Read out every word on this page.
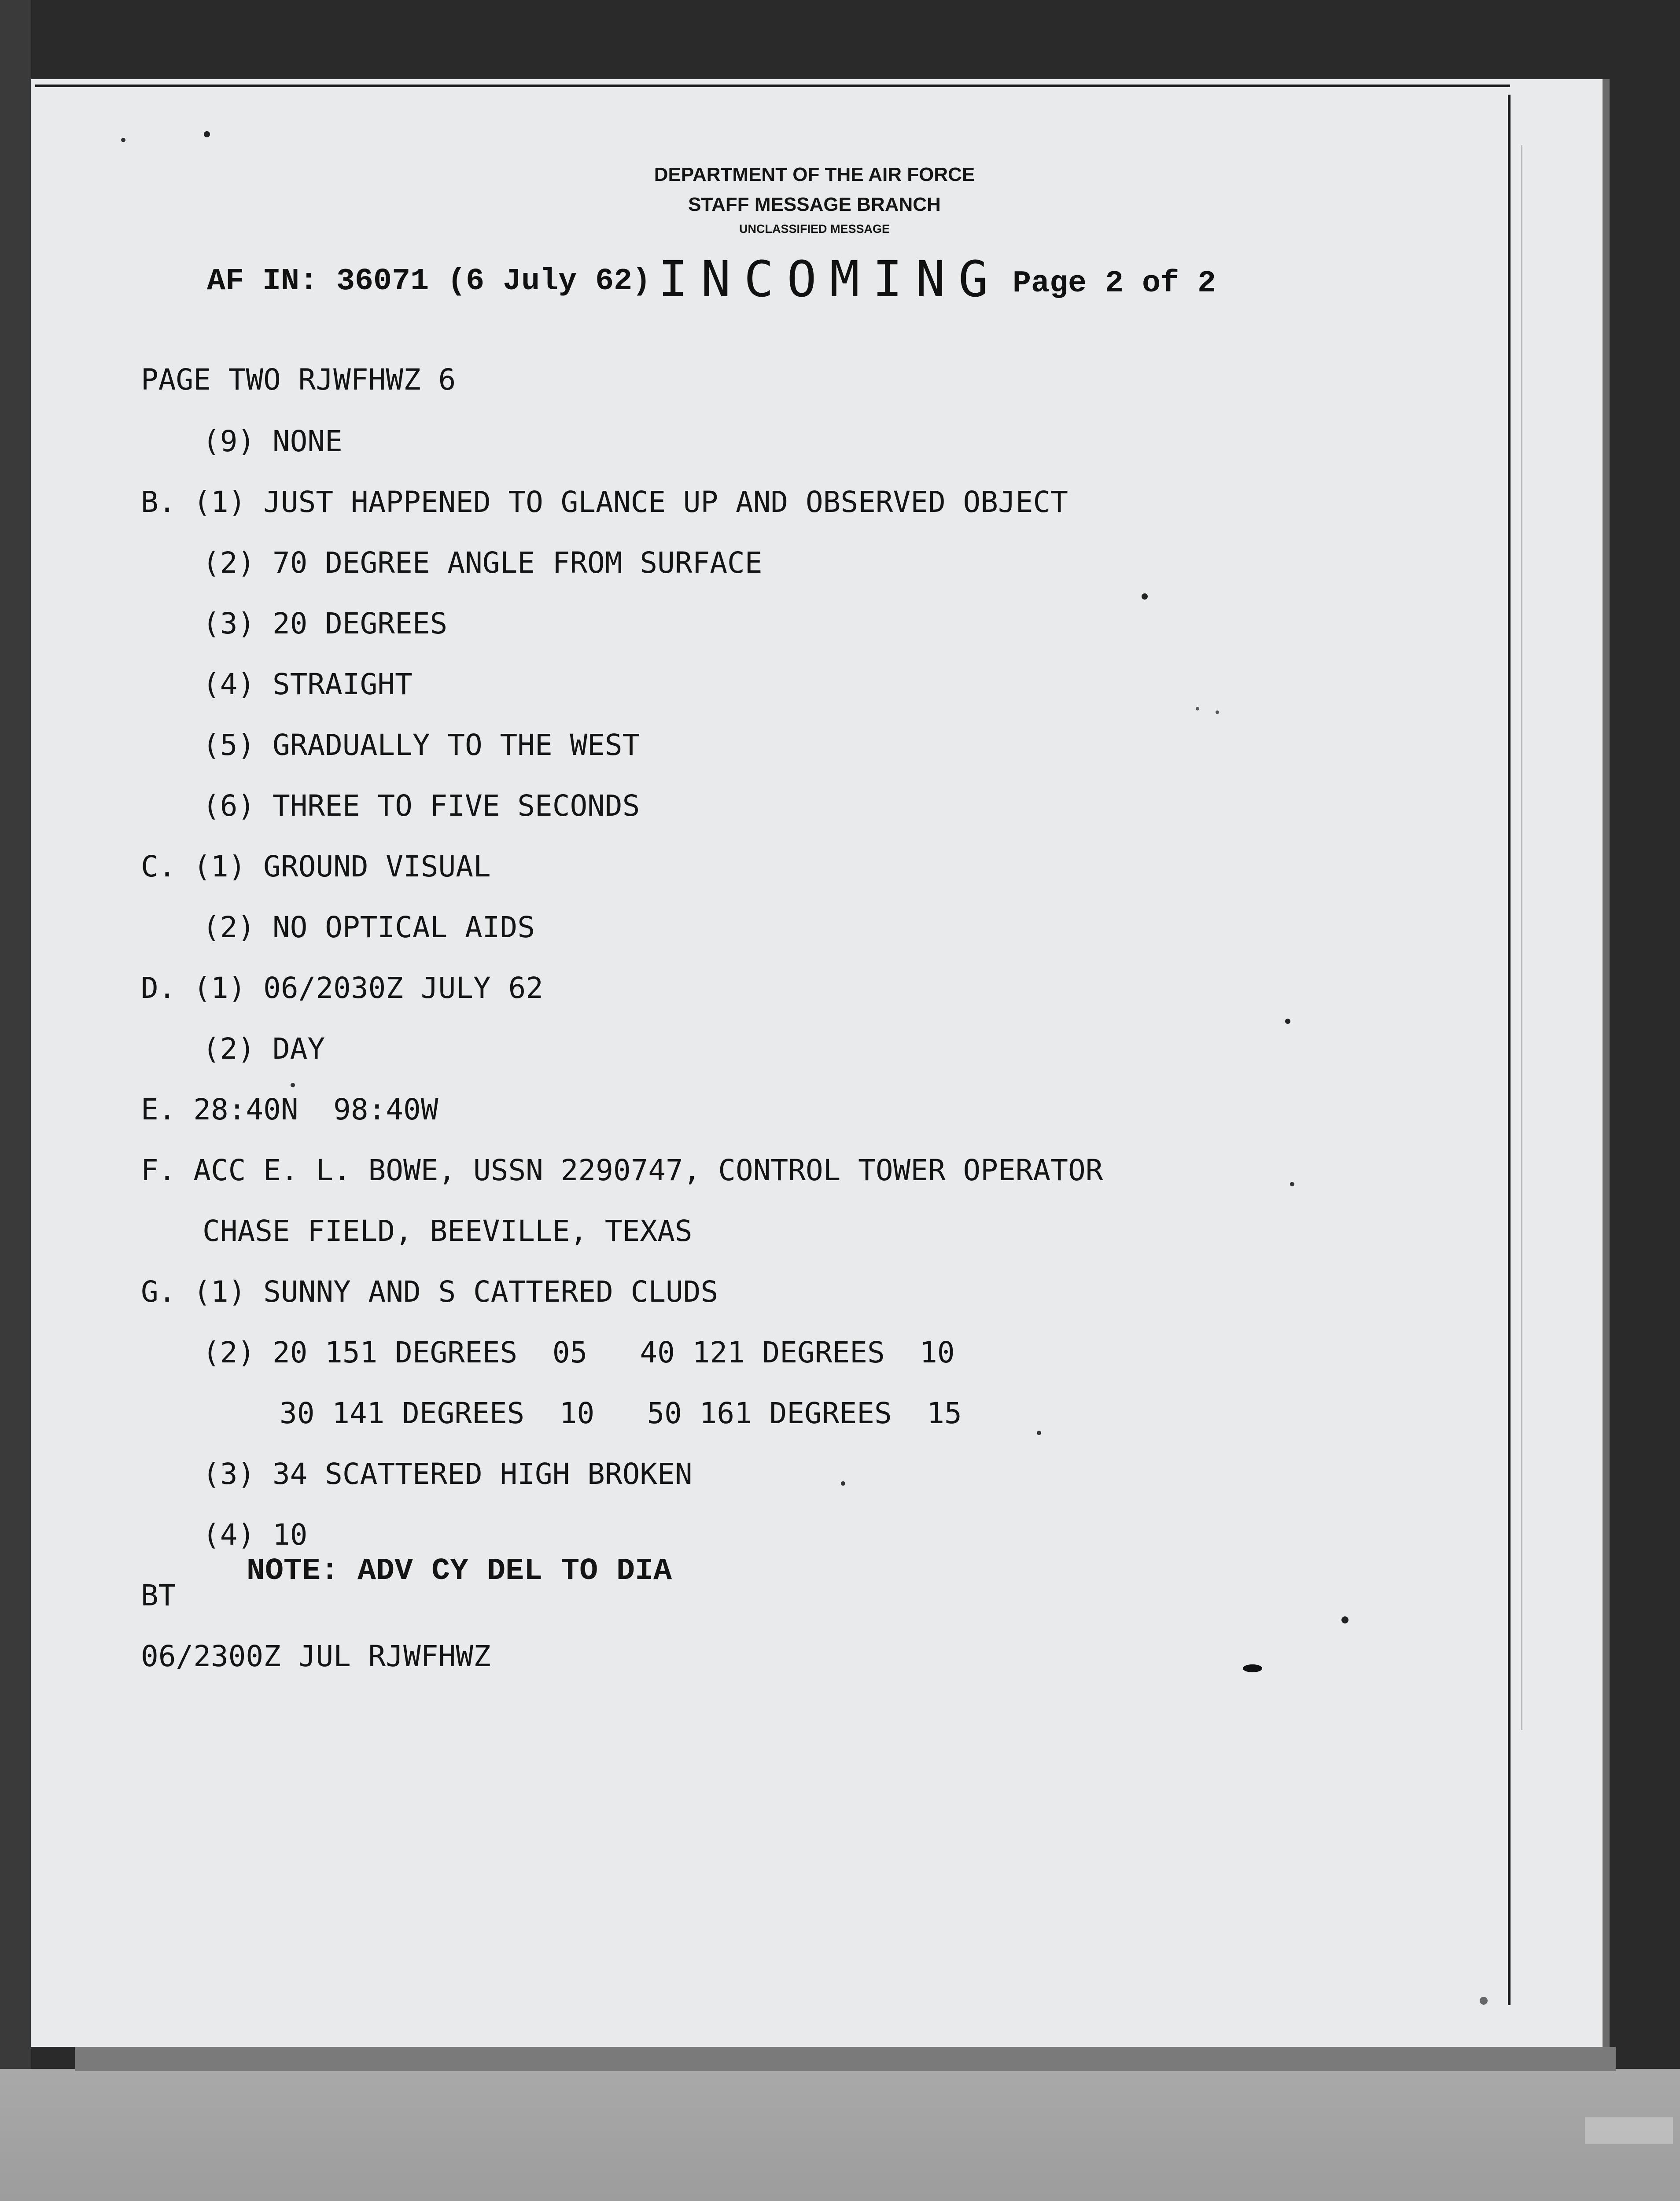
DEPARTMENT OF THE AIR FORCE
STAFF MESSAGE BRANCH
UNCLASSIFIED MESSAGE
AF IN: 36071 (6 July 62) INCOMING Page 2 of 2
PAGE TWO RJWFHWZ 6
(9) NONE
B. (1) JUST HAPPENED TO GLANCE UP AND OBSERVED OBJECT
(2) 70 DEGREE ANGLE FROM SURFACE
(3) 20 DEGREES
(4) STRAIGHT
(5) GRADUALLY TO THE WEST
(6) THREE TO FIVE SECONDS
C. (1) GROUND VISUAL
(2) NO OPTICAL AIDS
D. (1) 06/2030Z JULY 62
(2) DAY
E. 28:40N  98:40W
F. ACC E. L. BOWE, USSN 2290747, CONTROL TOWER OPERATOR
CHASE FIELD, BEEVILLE, TEXAS
G. (1) SUNNY AND S CATTERED CLUDS
(2) 20 151 DEGREES  05   40 121 DEGREES  10
30 141 DEGREES  10   50 161 DEGREES  15
(3) 34 SCATTERED HIGH BROKEN
(4) 10
BT
06/2300Z JUL RJWFHWZ
NOTE: ADV CY DEL TO DIA
